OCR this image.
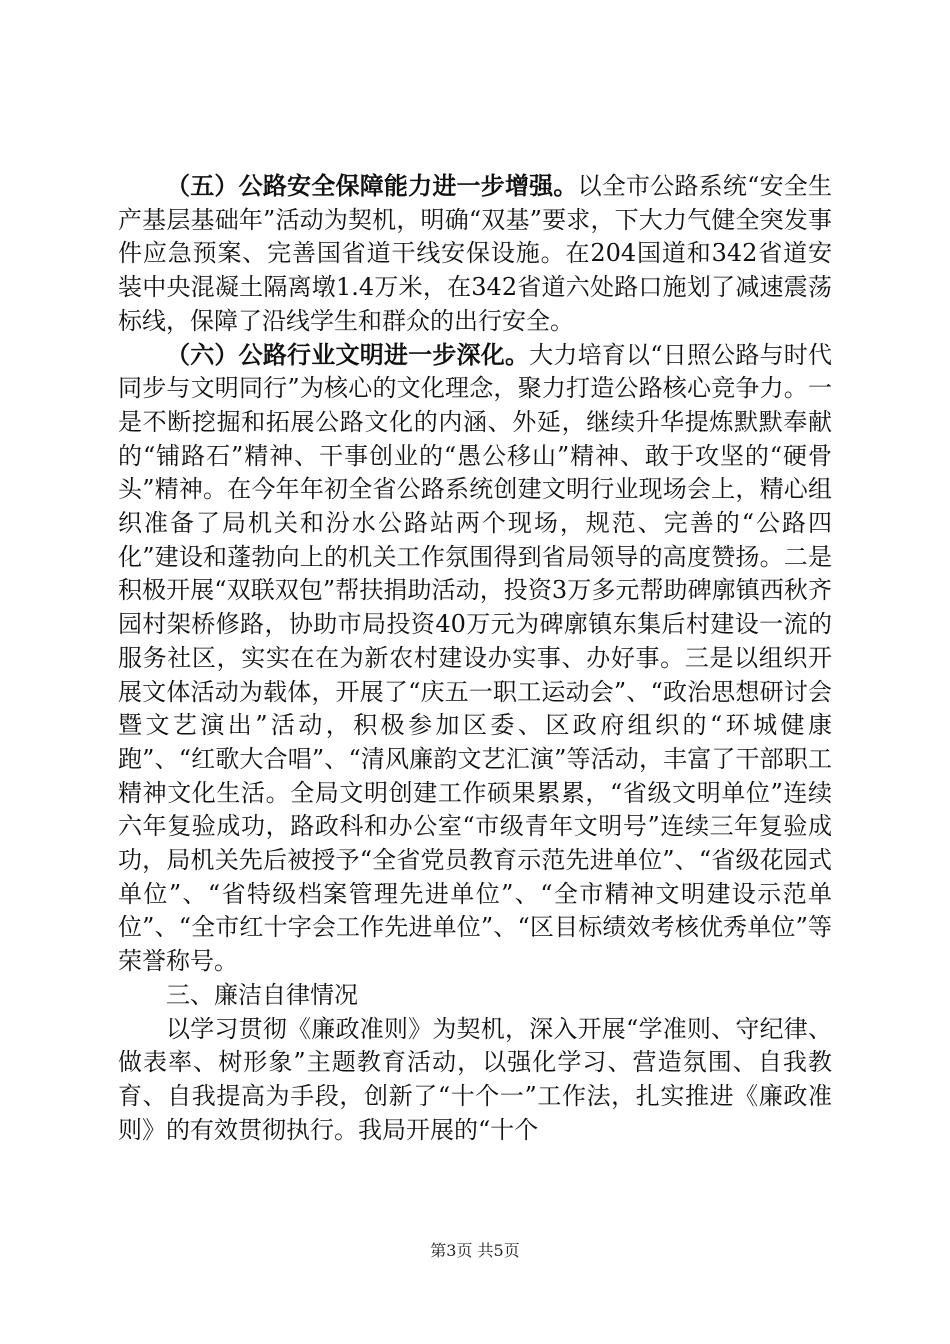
（五）公路安全保障能力进一步增强。以全市公路系统“安全生产基层基础年”活动为契机，明确“双基”要求，下大力气健全突发事件应急预案、完善国省道干线安保设施。在204国道和342省道安装中央混凝土隔离墩1.4万米，在342省道六处路口施划了减速震荡标线，保障了沿线学生和群众的出行安全。

（六）公路行业文明进一步深化。大力培育以“日照公路与时代同步与文明同行”为核心的文化理念，聚力打造公路核心竞争力。一是不断挖掘和拓展公路文化的内涵、外延，继续升华提炼默默奉献的“铺路石”精神、干事创业的“愚公移山”精神、敢于攻坚的“硬骨头”精神。在今年年初全省公路系统创建文明行业现场会上，精心组织准备了局机关和汾水公路站两个现场，规范、完善的“公路四化”建设和蓬勃向上的机关工作氛围得到省局领导的高度赞扬。二是积极开展“双联双包”帮扶捐助活动，投资3万多元帮助碑廓镇西秋齐园村架桥修路，协助市局投资40万元为碑廓镇东集后村建设一流的服务社区，实实在在为新农村建设办实事、办好事。三是以组织开展文体活动为载体，开展了“庆五一职工运动会”、“政治思想研讨会暨文艺演出”活动，积极参加区委、区政府组织的“环城健康跑”、“红歌大合唱”、“清风廉韵文艺汇演”等活动，丰富了干部职工精神文化生活。全局文明创建工作硕果累累，“省级文明单位”连续六年复验成功，路政科和办公室“市级青年文明号”连续三年复验成功，局机关先后被授予“全省党员教育示范先进单位”、“省级花园式单位”、“省特级档案管理先进单位”、“全市精神文明建设示范单位”、“全市红十字会工作先进单位”、“区目标绩效考核优秀单位”等荣誉称号。

三、廉洁自律情况

以学习贯彻《廉政准则》为契机，深入开展“学准则、守纪律、做表率、树形象”主题教育活动，以强化学习、营造氛围、自我教育、自我提高为手段，创新了“十个一”工作法，扎实推进《廉政准则》的有效贯彻执行。我局开展的“十个

第3页 共5页
